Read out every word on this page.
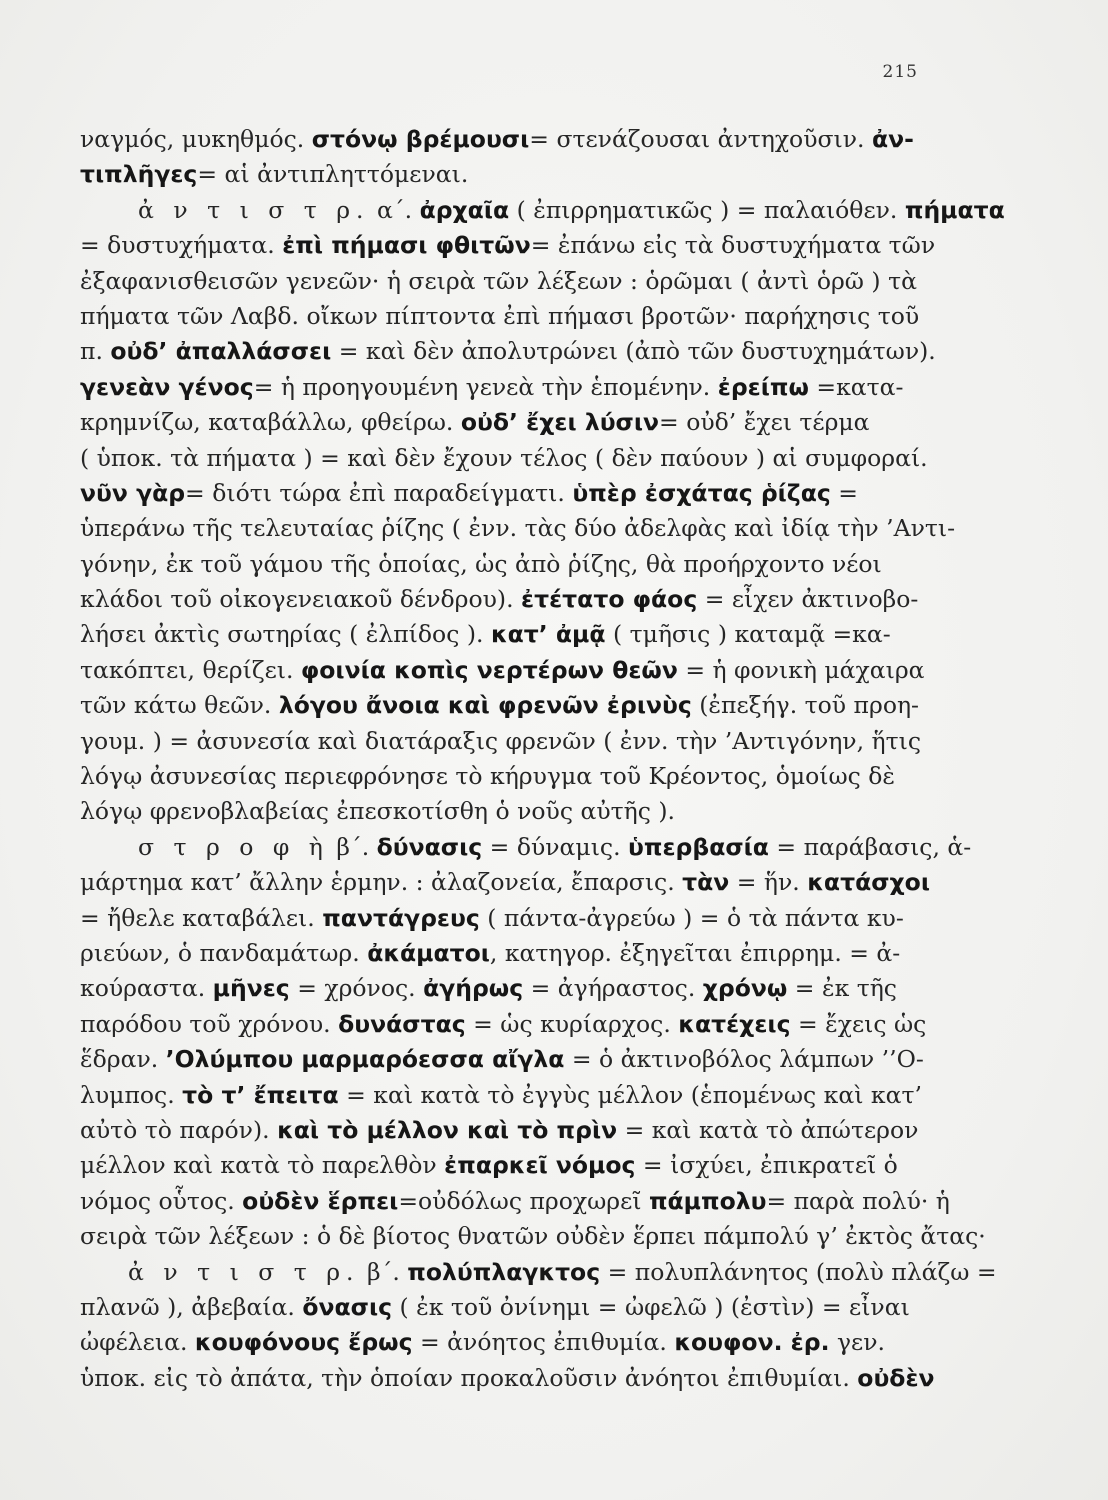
215
ναγμός, μυκηθμός. στόνῳ βρέμουσι= στενάζουσαι ἀντηχοῦσιν. ἀν-
τιπλῆγες= αἱ ἀντιπληττόμεναι.
ἀ ν τ ι σ τ ρ. α΄. ἀρχαῖα ( ἐπιρρηματικῶς ) = παλαιόθεν. πήματα
= δυστυχήματα. ἐπὶ πήμασι φθιτῶν= ἐπάνω εἰς τὰ δυστυχήματα τῶν
ἐξαφανισθεισῶν γενεῶν· ἡ σειρὰ τῶν λέξεων : ὁρῶμαι ( ἀντὶ ὁρῶ ) τὰ
πήματα τῶν Λαβδ. οἴκων πίπτοντα ἐπὶ πήμασι βροτῶν· παρήχησις τοῦ
π. οὐδ’ ἀπαλλάσσει = καὶ δὲν ἀπολυτρώνει (ἀπὸ τῶν δυστυχημάτων).
γενεὰν γένος= ἡ προηγουμένη γενεὰ τὴν ἑπομένην. ἐρείπω =κατα-
κρημνίζω, καταβάλλω, φθείρω. οὐδ’ ἔχει λύσιν= οὐδ’ ἔχει τέρμα
( ὑποκ. τὰ πήματα ) = καὶ δὲν ἔχουν τέλος ( δὲν παύουν ) αἱ συμφοραί.
νῦν γὰρ= διότι τώρα ἐπὶ παραδείγματι. ὑπὲρ ἐσχάτας ῥίζας =
ὑπεράνω τῆς τελευταίας ῥίζης ( ἐνν. τὰς δύο ἀδελφὰς καὶ ἰδίᾳ τὴν ’Αντι-
γόνην, ἐκ τοῦ γάμου τῆς ὁποίας, ὡς ἀπὸ ῥίζης, θὰ προήρχοντο νέοι
κλάδοι τοῦ οἰκογενειακοῦ δένδρου). ἐτέτατο φάος = εἶχεν ἀκτινοβο-
λήσει ἀκτὶς σωτηρίας ( ἐλπίδος ). κατ’ ἀμᾷ ( τμῆσις ) καταμᾷ =κα-
τακόπτει, θερίζει. φοινία κοπὶς νερτέρων θεῶν = ἡ φονικὴ μάχαιρα
τῶν κάτω θεῶν. λόγου ἄνοια καὶ φρενῶν ἐρινὺς (ἐπεξήγ. τοῦ προη-
γουμ. ) = ἀσυνεσία καὶ διατάραξις φρενῶν ( ἐνν. τὴν ’Αντιγόνην, ἥτις
λόγῳ ἀσυνεσίας περιεφρόνησε τὸ κήρυγμα τοῦ Κρέοντος, ὁμοίως δὲ
λόγῳ φρενοβλαβείας ἐπεσκοτίσθη ὁ νοῦς αὐτῆς ).
σ τ ρ ο φ ὴ β΄. δύνασις = δύναμις. ὑπερβασία = παράβασις, ἁ-
μάρτημα κατ’ ἄλλην ἑρμην. : ἀλαζονεία, ἔπαρσις. τὰν = ἥν. κατάσχοι
= ἤθελε καταβάλει. παντάγρευς ( πάντα-ἀγρεύω ) = ὁ τὰ πάντα κυ-
ριεύων, ὁ πανδαμάτωρ. ἀκάματοι, κατηγορ. ἐξηγεῖται ἐπιρρημ. = ἀ-
κούραστα. μῆνες = χρόνος. ἀγήρως = ἀγήραστος. χρόνῳ = ἐκ τῆς
παρόδου τοῦ χρόνου. δυνάστας = ὡς κυρίαρχος. κατέχεις = ἔχεις ὡς
ἕδραν. ’Ολύμπου μαρμαρόεσσα αἴγλα = ὁ ἀκτινοβόλος λάμπων ’’Ο-
λυμπος. τὸ τ’ ἔπειτα = καὶ κατὰ τὸ ἐγγὺς μέλλον (ἑπομένως καὶ κατ’
αὐτὸ τὸ παρόν). καὶ τὸ μέλλον καὶ τὸ πρὶν = καὶ κατὰ τὸ ἀπώτερον
μέλλον καὶ κατὰ τὸ παρελθὸν ἐπαρκεῖ νόμος = ἰσχύει, ἐπικρατεῖ ὁ
νόμος οὗτος. οὐδὲν ἕρπει=οὐδόλως προχωρεῖ πάμπολυ= παρὰ πολύ· ἡ
σειρὰ τῶν λέξεων : ὁ δὲ βίοτος θνατῶν οὐδὲν ἕρπει πάμπολύ γ’ ἐκτὸς ἄτας·
ἀ ν τ ι σ τ ρ. β΄. πολύπλαγκτος = πολυπλάνητος (πολὺ πλάζω =
πλανῶ ), ἀβεβαία. ὄνασις ( ἐκ τοῦ ὀνίνημι = ὠφελῶ ) (ἐστὶν) = εἶναι
ὠφέλεια. κουφόνους ἔρως = ἀνόητος ἐπιθυμία. κουφον. ἐρ. γεν.
ὑποκ. εἰς τὸ ἀπάτα, τὴν ὁποίαν προκαλοῦσιν ἀνόητοι ἐπιθυμίαι. οὐδὲν
